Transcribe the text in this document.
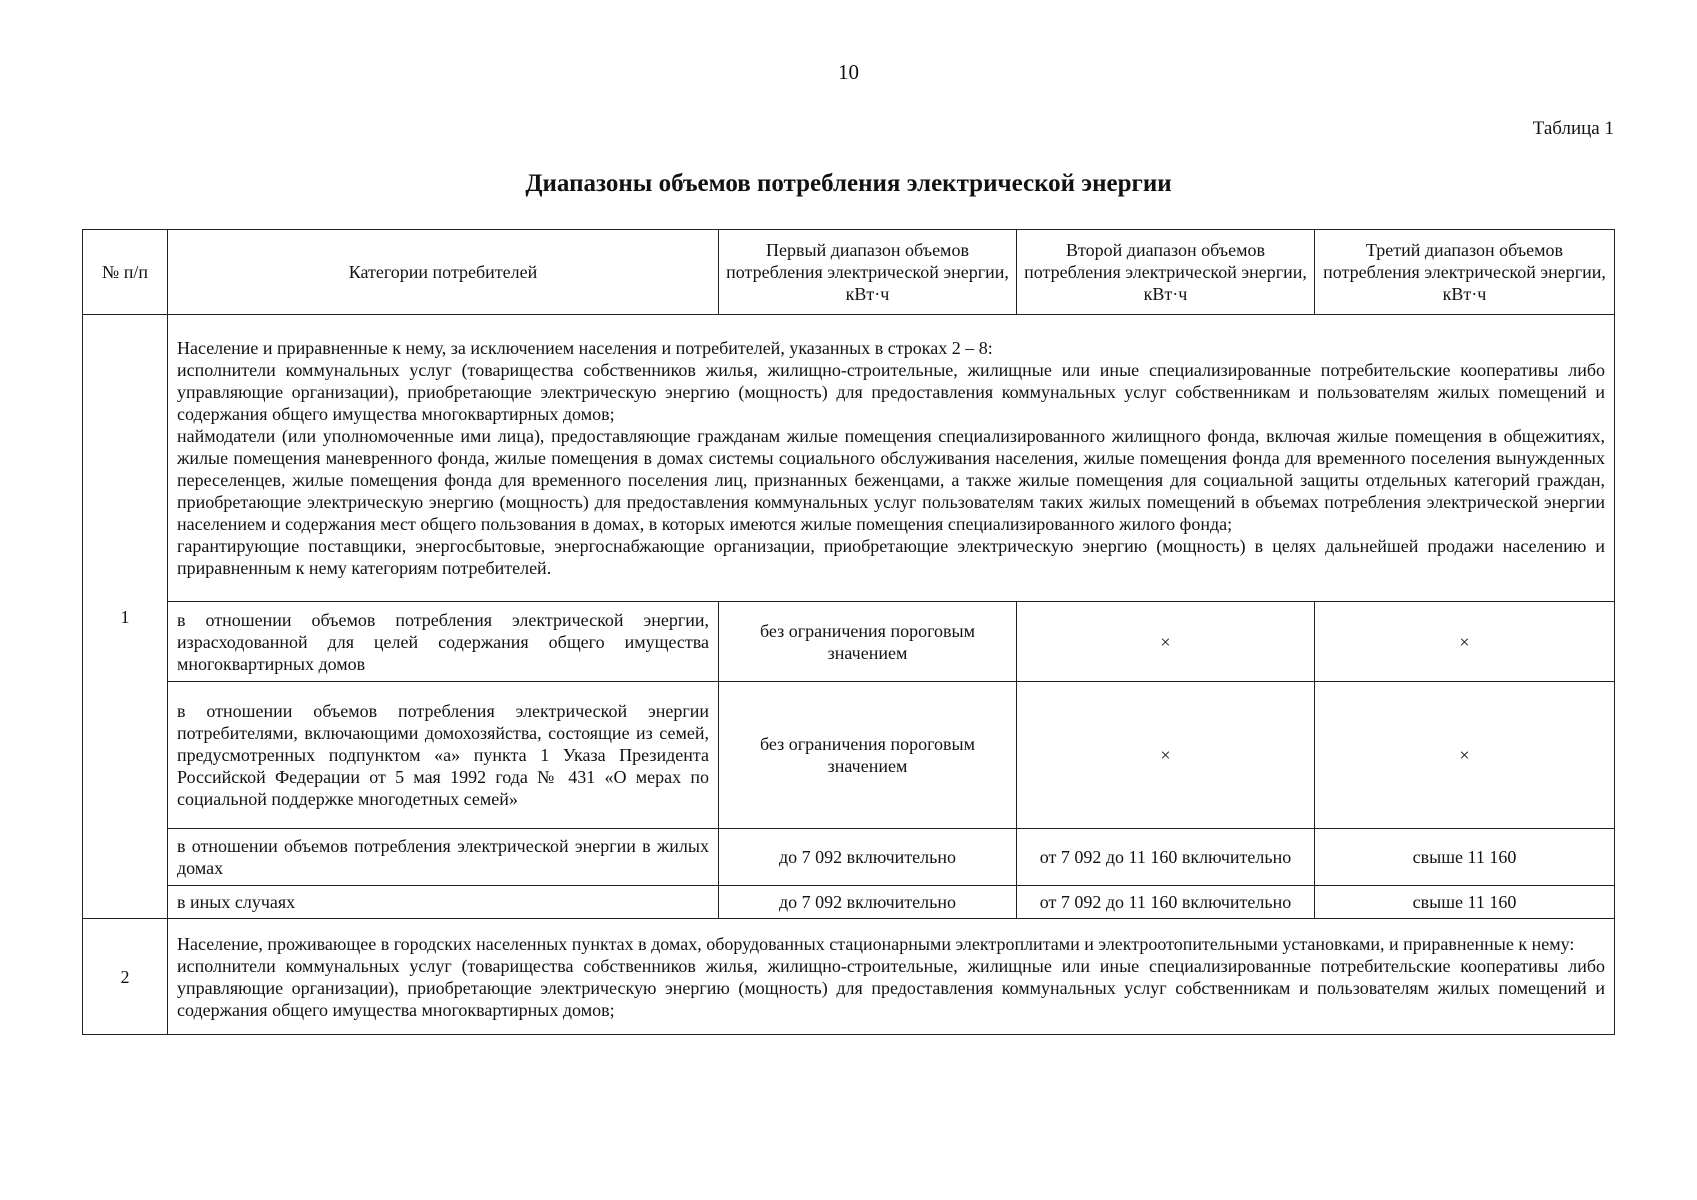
10
Таблица 1
Диапазоны объемов потребления электрической энергии
№ п/п	Категории потребителей	Первый диапазон объемов потребления электрической энергии, кВт·ч	Второй диапазон объемов потребления электрической энергии, кВт·ч	Третий диапазон объемов потребления электрической энергии, кВт·ч
1	Население и приравненные к нему, за исключением населения и потребителей, указанных в строках 2 – 8:
исполнители коммунальных услуг (товарищества собственников жилья, жилищно-строительные, жилищные или иные специализированные потребительские кооперативы либо управляющие организации), приобретающие электрическую энергию (мощность) для предоставления коммунальных услуг собственникам и пользователям жилых помещений и содержания общего имущества многоквартирных домов;
наймодатели (или уполномоченные ими лица), предоставляющие гражданам жилые помещения специализированного жилищного фонда, включая жилые помещения в общежитиях, жилые помещения маневренного фонда, жилые помещения в домах системы социального обслуживания населения, жилые помещения фонда для временного поселения вынужденных переселенцев, жилые помещения фонда для временного поселения лиц, признанных беженцами, а также жилые помещения для социальной защиты отдельных категорий граждан, приобретающие электрическую энергию (мощность) для предоставления коммунальных услуг пользователям таких жилых помещений в объемах потребления электрической энергии населением и содержания мест общего пользования в домах, в которых имеются жилые помещения специализированного жилого фонда;
гарантирующие поставщики, энергосбытовые, энергоснабжающие организации, приобретающие электрическую энергию (мощность) в целях дальнейшей продажи населению и приравненным к нему категориям потребителей.			

	в отношении объемов потребления электрической энергии, израсходованной для целей содержания общего имущества многоквартирных домов	без ограничения пороговым значением	×	×
	в отношении объемов потребления электрической энергии потребителями, включающими домохозяйства, состоящие из семей, предусмотренных подпунктом «а» пункта 1 Указа Президента Российской Федерации от 5 мая 1992 года № 431 «О мерах по социальной поддержке многодетных семей»	без ограничения пороговым значением	×	×
	в отношении объемов потребления электрической энергии в жилых домах	до 7 092 включительно	от 7 092 до 11 160 включительно	свыше 11 160
	в иных случаях	до 7 092 включительно	от 7 092 до 11 160 включительно	свыше 11 160
2	Население, проживающее в городских населенных пунктах в домах, оборудованных стационарными электроплитами и электроотопительными установками, и приравненные к нему:
исполнители коммунальных услуг (товарищества собственников жилья, жилищно-строительные, жилищные или иные специализированные потребительские кооперативы либо управляющие организации), приобретающие электрическую энергию (мощность) для предоставления коммунальных услуг собственникам и пользователям жилых помещений и содержания общего имущества многоквартирных домов;			
